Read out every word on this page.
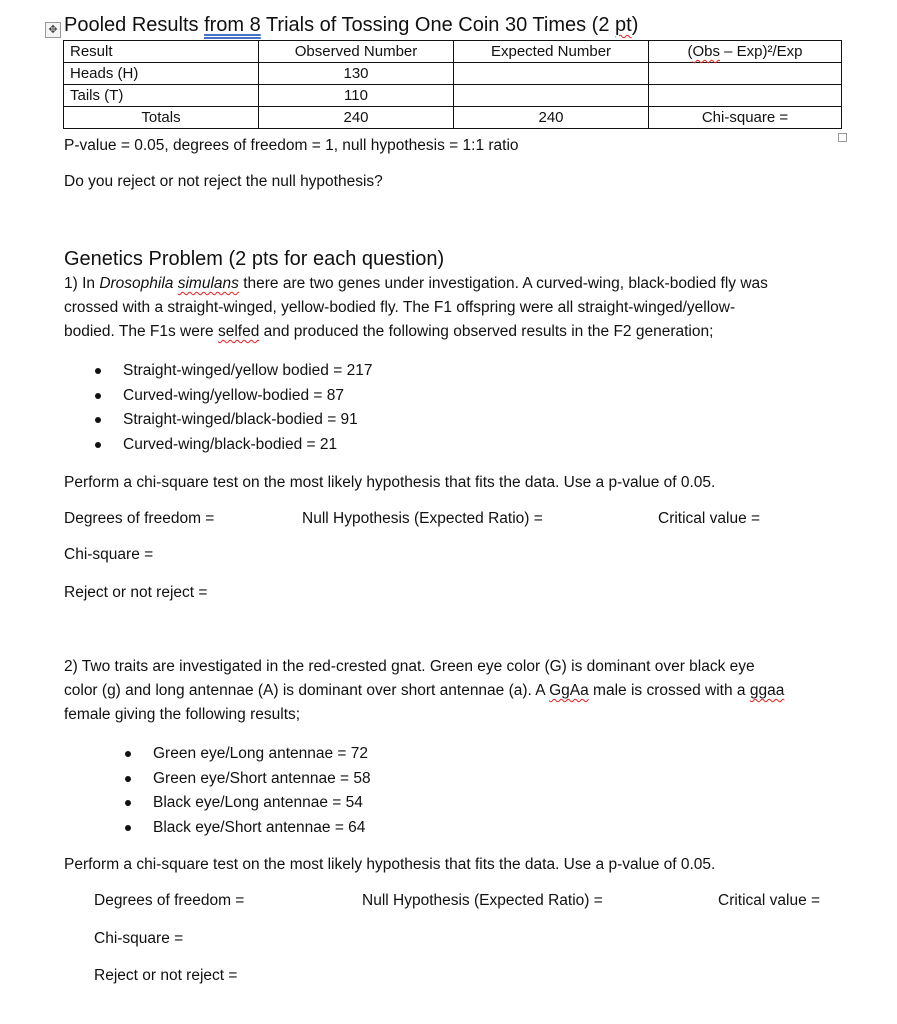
✥ Pooled Results from 8 Trials of Tossing One Coin 30 Times (2 pt)
Result	Observed Number	Expected Number	(Obs – Exp)²/Exp
Heads (H)	130		
Tails (T)	110		
Totals	240	240	Chi-square =
P-value = 0.05, degrees of freedom = 1, null hypothesis = 1:1 ratio
Do you reject or not reject the null hypothesis?
Genetics Problem (2 pts for each question)
1) In Drosophila simulans there are two genes under investigation. A curved-wing, black-bodied fly was
crossed with a straight-winged, yellow-bodied fly. The F1 offspring were all straight-winged/yellow-
bodied. The F1s were selfed and produced the following observed results in the F2 generation;
Straight-winged/yellow bodied = 217
Curved-wing/yellow-bodied = 87
Straight-winged/black-bodied = 91
Curved-wing/black-bodied = 21
Perform a chi-square test on the most likely hypothesis that fits the data. Use a p-value of 0.05.
Degrees of freedom =	Null Hypothesis (Expected Ratio) =	Critical value =
Chi-square =
Reject or not reject =
2) Two traits are investigated in the red-crested gnat. Green eye color (G) is dominant over black eye
color (g) and long antennae (A) is dominant over short antennae (a). A GgAa male is crossed with a ggaa
female giving the following results;
Green eye/Long antennae = 72
Green eye/Short antennae = 58
Black eye/Long antennae = 54
Black eye/Short antennae = 64
Perform a chi-square test on the most likely hypothesis that fits the data. Use a p-value of 0.05.
Degrees of freedom =	Null Hypothesis (Expected Ratio) =	Critical value =
Chi-square =
Reject or not reject =
